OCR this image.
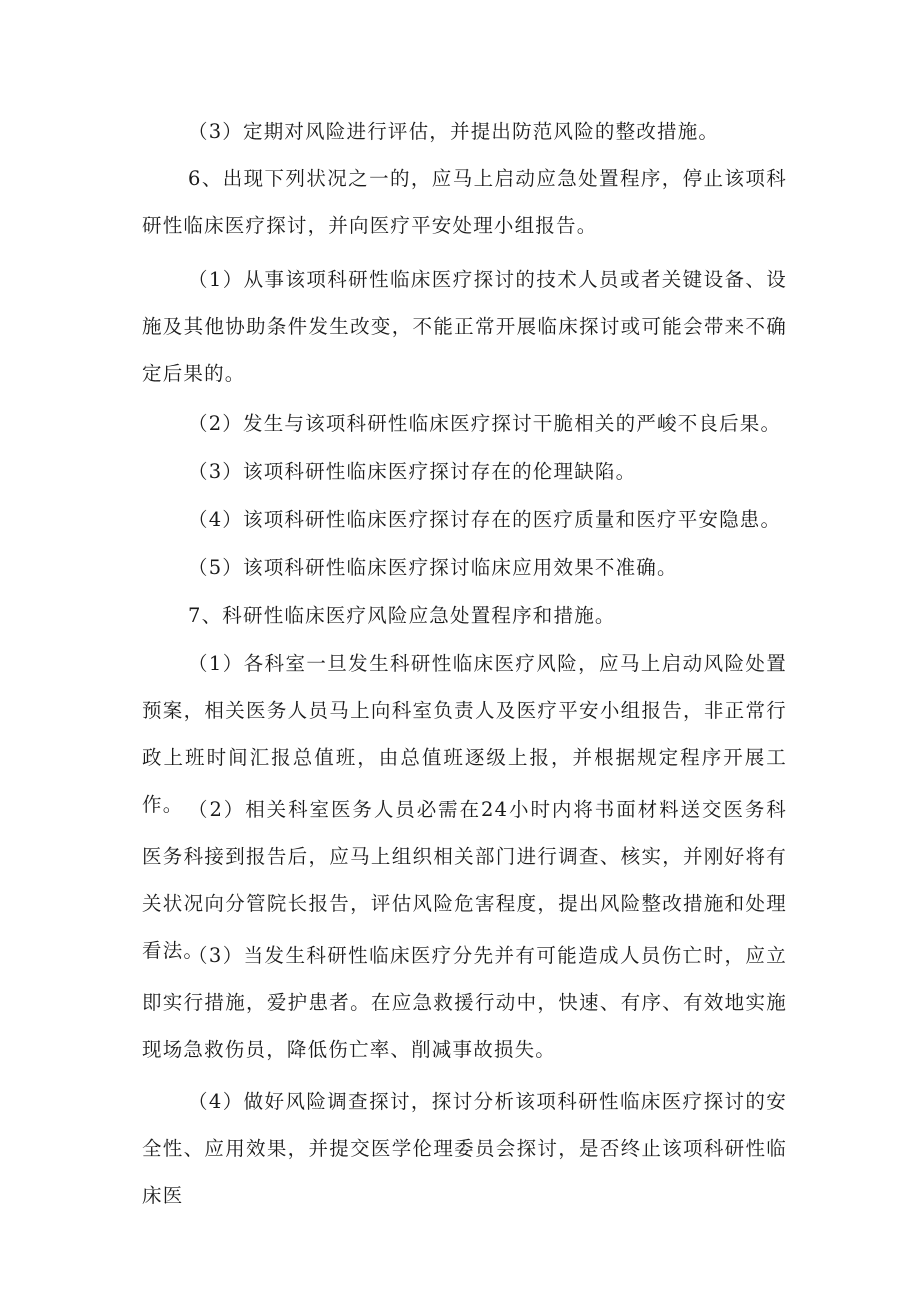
（3）定期对风险进行评估，并提出防范风险的整改措施。

6、出现下列状况之一的，应马上启动应急处置程序，停止该项科研性临床医疗探讨，并向医疗平安处理小组报告。

（1）从事该项科研性临床医疗探讨的技术人员或者关键设备、设施及其他协助条件发生改变，不能正常开展临床探讨或可能会带来不确定后果的。

（2）发生与该项科研性临床医疗探讨干脆相关的严峻不良后果。

（3）该项科研性临床医疗探讨存在的伦理缺陷。

（4）该项科研性临床医疗探讨存在的医疗质量和医疗平安隐患。

（5）该项科研性临床医疗探讨临床应用效果不准确。

7、科研性临床医疗风险应急处置程序和措施。

（1）各科室一旦发生科研性临床医疗风险，应马上启动风险处置预案，相关医务人员马上向科室负责人及医疗平安小组报告，非正常行政上班时间汇报总值班，由总值班逐级上报，并根据规定程序开展工作。 （2）相关科室医务人员必需在24小时内将书面材料送交医务科医务科接到报告后，应马上组织相关部门进行调查、核实，并刚好将有关状况向分管院长报告，评估风险危害程度，提出风险整改措施和处理看法。

（3）当发生科研性临床医疗分先并有可能造成人员伤亡时，应立即实行措施，爱护患者。在应急救援行动中，快速、有序、有效地实施现场急救伤员，降低伤亡率、削减事故损失。

（4）做好风险调查探讨，探讨分析该项科研性临床医疗探讨的安全性、应用效果，并提交医学伦理委员会探讨，是否终止该项科研性临床医
